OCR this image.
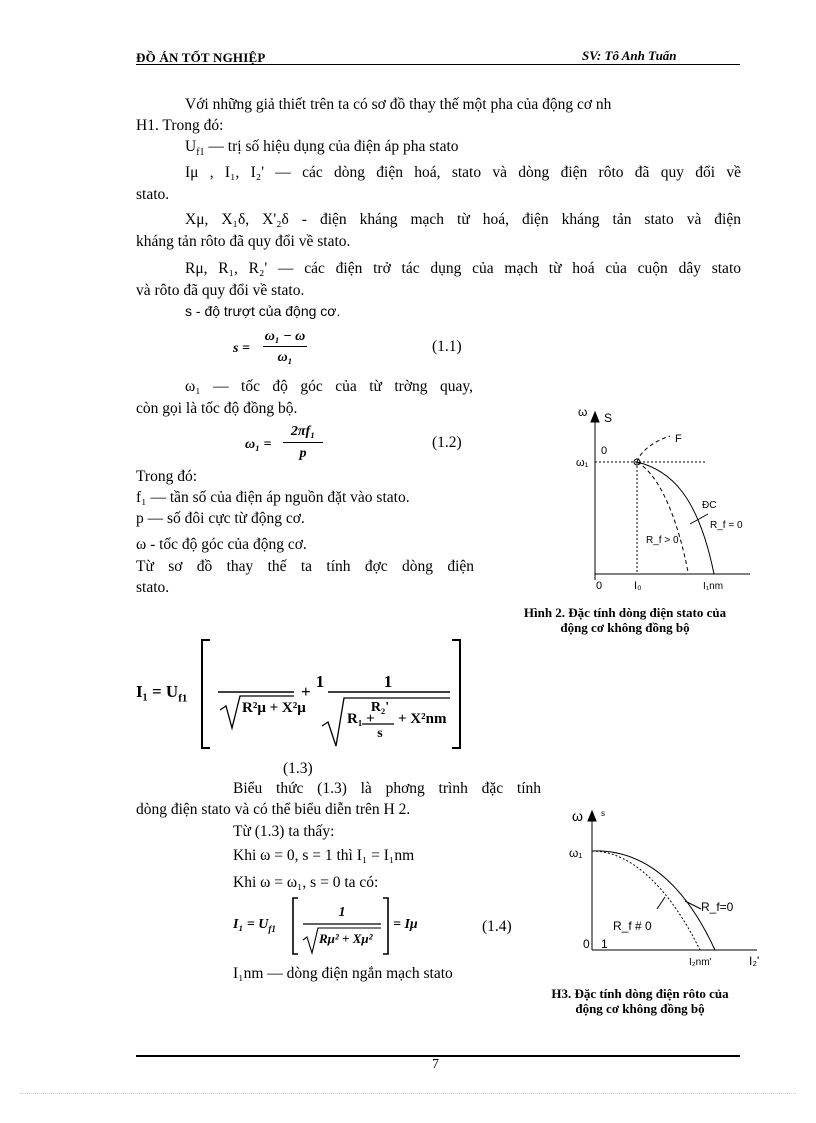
ĐỒ ÁN TỐT NGHIỆP	SV: Tô Anh Tuấn
Với những giả thiết trên ta có sơ đồ thay thế một pha của động cơ nh
H1. Trong đó:
$U_{f1}$ — trị số hiệu dụng của điện áp pha stato
Iμ , I₁, I₂' — các dòng điện hoá, stato và dòng điện rôto đã quy đổi về
stato.
Xμ, X₁δ, X'₂δ - điện kháng mạch từ hoá, điện kháng tản stato và điện
kháng tản rôto đã quy đổi về stato.
Rμ, R₁, R₂' — các điện trở tác dụng của mạch từ hoá của cuộn dây stato
và rôto đã quy đổi về stato.
s - độ trượt của động cơ.
s =
ω₁ − ω
ω₁
(1.1)
ω₁ — tốc độ góc của từ trờng quay,
còn gọi là tốc độ đồng bộ.
ω₁ =
2πf₁
p
(1.2)
Trong đó:
f₁ — tần số của điện áp nguồn đặt vào stato.
p — số đôi cực từ động cơ.
ω - tốc độ góc của động cơ.
Từ sơ đồ thay thế ta tính đợc dòng điện
stato.
ω S
0
ω₁
F
ĐC
R_f = 0
R_f > 0
0	I₀	I₁nm
Hình 2. Đặc tính dòng điện stato của
động cơ không đồng bộ
$I_1 = U_{f1}$
1
R²μ + X²μ
+
1
R₁ +
R₂'
s
+ X²nm
(1.3)
Biểu thức (1.3) là phơng trình đặc tính
dòng điện stato và có thể biểu diễn trên H 2.
Từ (1.3) ta thấy:
Khi ω = 0, s = 1 thì I₁ = I₁nm
Khi ω = ω₁, s = 0 ta có:
$I_1 = U_{f1}$
1
Rμ² + Xμ²
= Iμ	(1.4)
I₁nm — dòng điện ngắn mạch stato
ω s
ω₁
R_f=0
R_f # 0
0 1
I₂nm'	I₂'
H3. Đặc tính dòng điện rôto của
động cơ không đồng bộ
7
